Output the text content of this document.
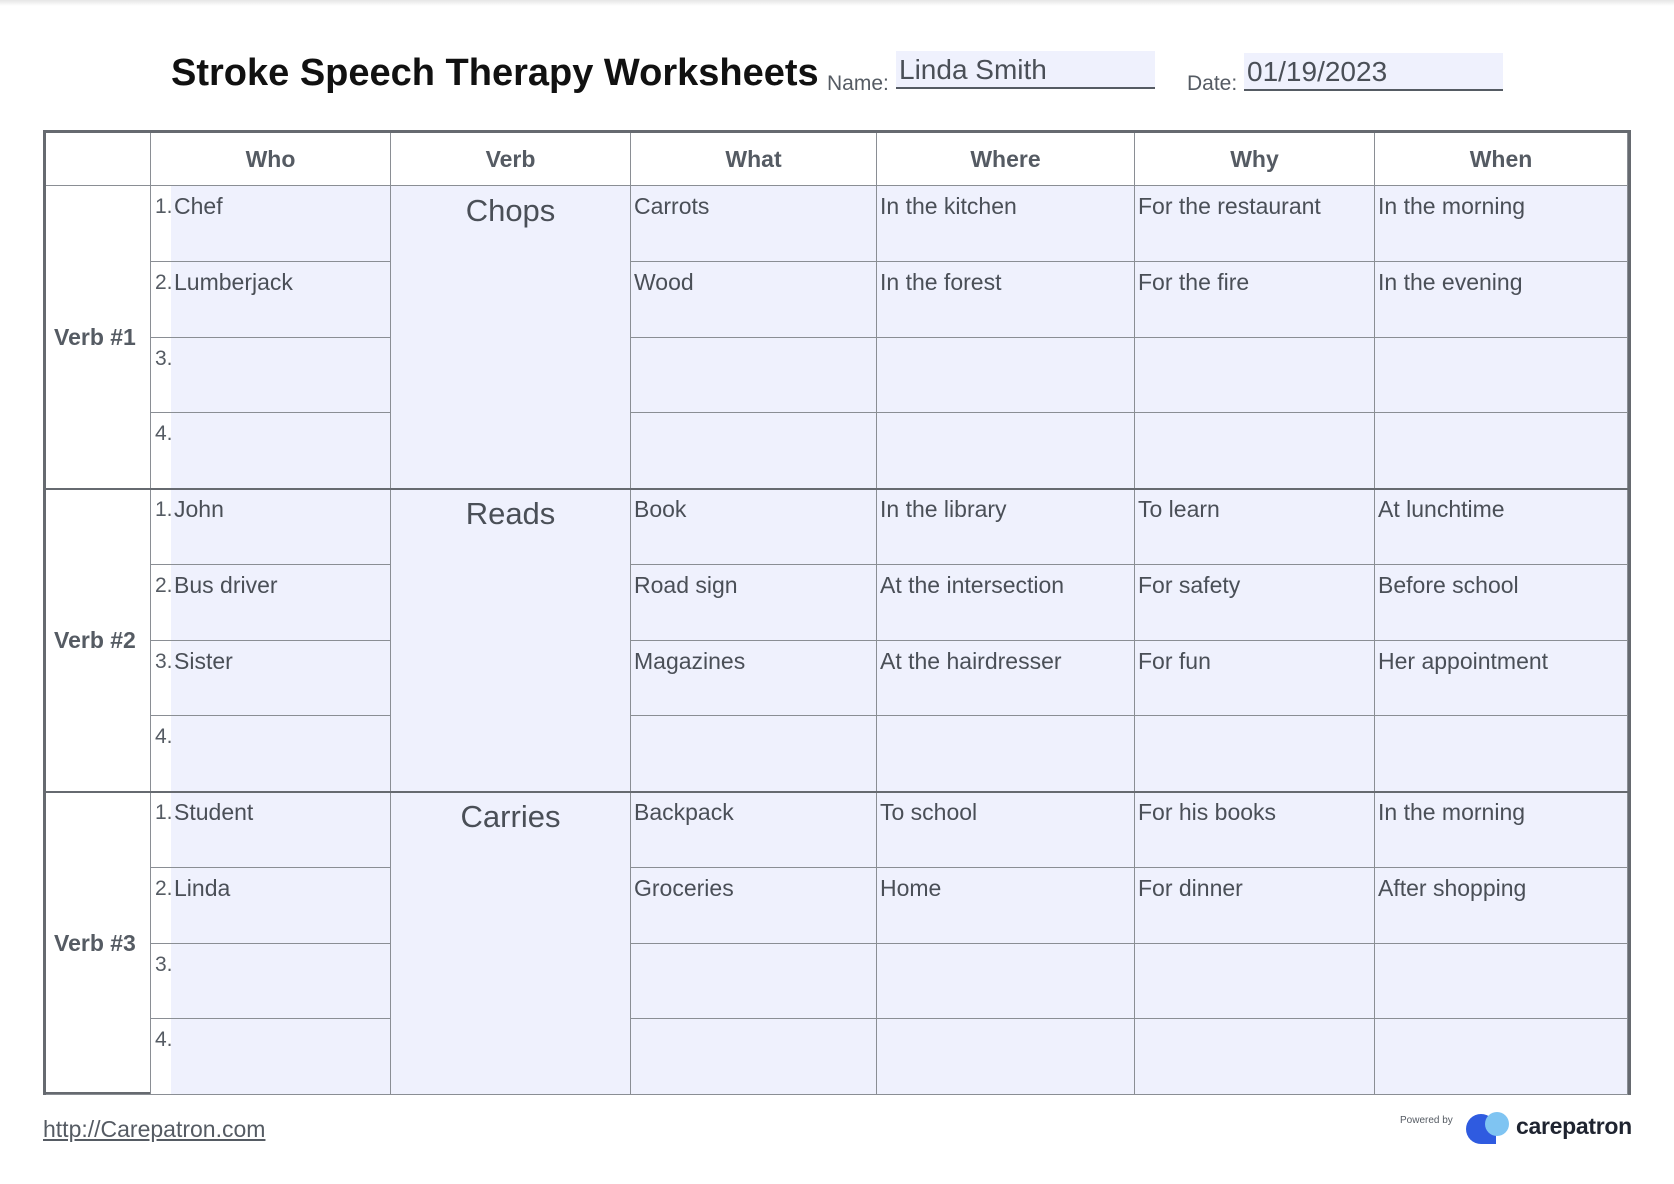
Stroke Speech Therapy Worksheets Name: Linda Smith	Date: 01/19/2023
Who	Verb	What	Where	Why	When
Verb #1
Chops
1. Chef	Carrots	In the kitchen	For the restaurant	In the morning
2. Lumberjack	Wood	In the forest	For the fire	In the evening
3.
4.
Verb #2
Reads
1. John	Book	In the library	To learn	At lunchtime
2. Bus driver	Road sign	At the intersection	For safety	Before school
3. Sister	Magazines	At the hairdresser	For fun	Her appointment
4.
Verb #3
Carries
1. Student	Backpack	To school	For his books	In the morning
2. Linda	Groceries	Home	For dinner	After shopping
3.
4.
http://Carepatron.com	Powered by	carepatron
